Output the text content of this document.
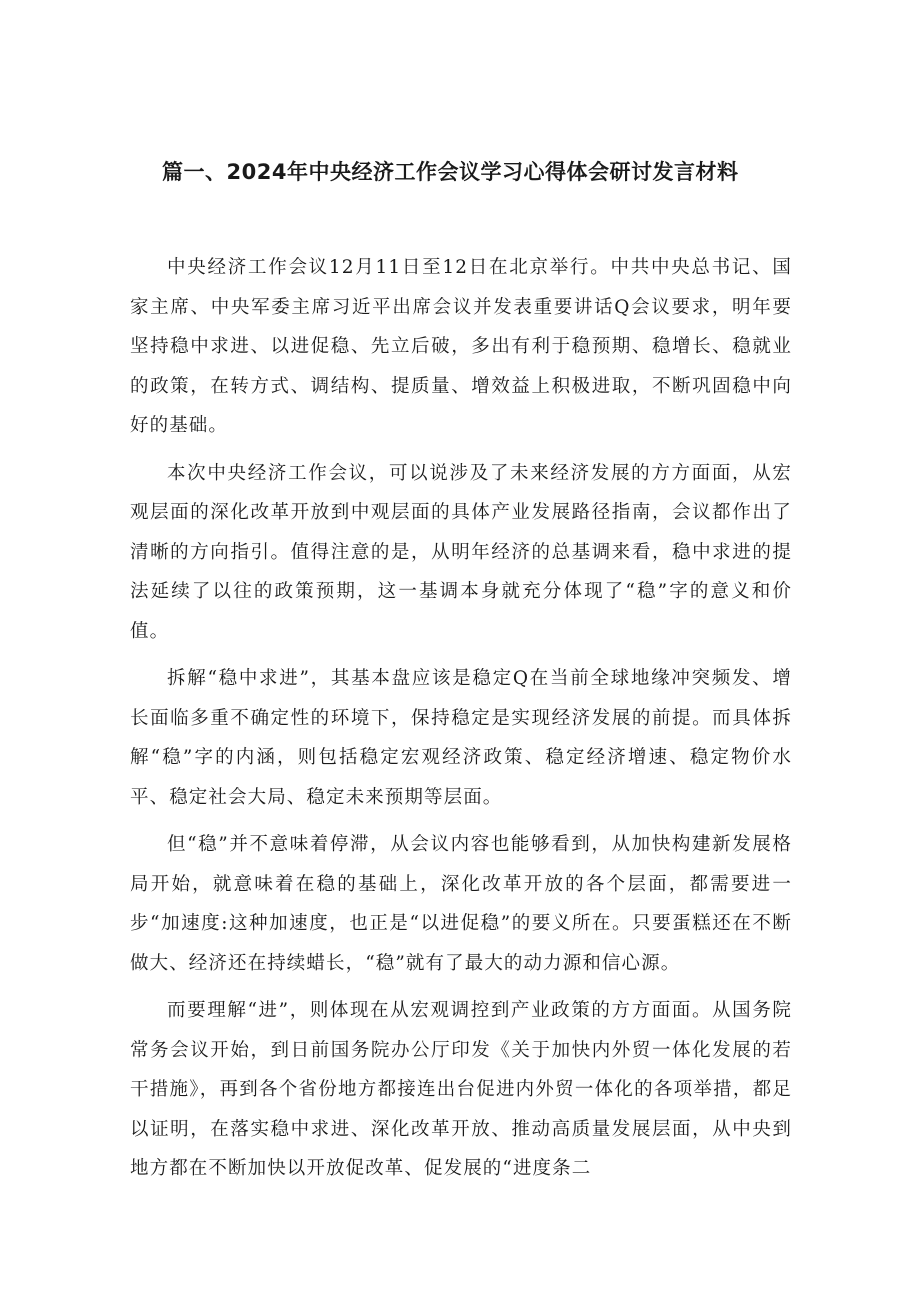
篇一、2024年中央经济工作会议学习心得体会研讨发言材料

中央经济工作会议12月11日至12日在北京举行。中共中央总书记、国家主席、中央军委主席习近平出席会议并发表重要讲话Q会议要求，明年要坚持稳中求进、以进促稳、先立后破，多出有利于稳预期、稳增长、稳就业的政策，在转方式、调结构、提质量、增效益上积极进取，不断巩固稳中向好的基础。

本次中央经济工作会议，可以说涉及了未来经济发展的方方面面，从宏观层面的深化改革开放到中观层面的具体产业发展路径指南，会议都作出了清晰的方向指引。值得注意的是，从明年经济的总基调来看，稳中求进的提法延续了以往的政策预期，这一基调本身就充分体现了“稳”字的意义和价值。

拆解“稳中求进”，其基本盘应该是稳定Q在当前全球地缘冲突频发、增长面临多重不确定性的环境下，保持稳定是实现经济发展的前提。而具体拆解“稳”字的内涵，则包括稳定宏观经济政策、稳定经济增速、稳定物价水平、稳定社会大局、稳定未来预期等层面。

但“稳”并不意味着停滞，从会议内容也能够看到，从加快构建新发展格局开始，就意味着在稳的基础上，深化改革开放的各个层面，都需要进一步“加速度:这种加速度，也正是“以进促稳”的要义所在。只要蛋糕还在不断做大、经济还在持续蜡长，“稳”就有了最大的动力源和信心源。

而要理解“进”，则体现在从宏观调控到产业政策的方方面面。从国务院常务会议开始，到日前国务院办公厅印发《关于加快内外贸一体化发展的若干措施》，再到各个省份地方都接连出台促进内外贸一体化的各项举措，都足以证明，在落实稳中求进、深化改革开放、推动高质量发展层面，从中央到地方都在不断加快以开放促改革、促发展的“进度条二
